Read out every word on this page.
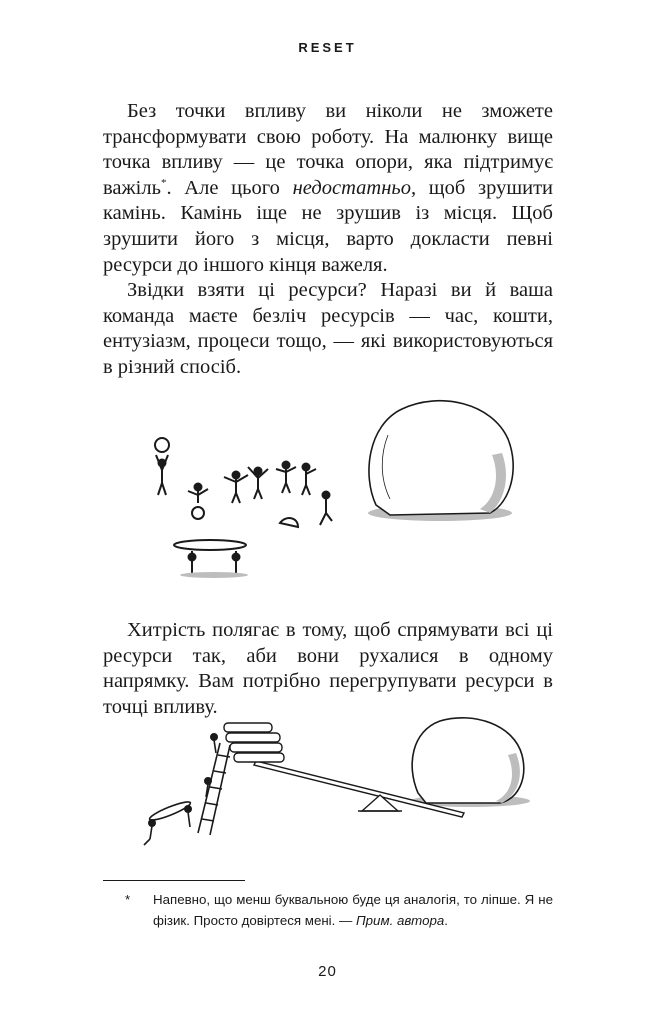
RESET

Без точки впливу ви ніколи не зможете трансформувати свою роботу. На малюнку вище точка впливу — це точка опори, яка підтримує важіль*. Але цього недостатньо, щоб зрушити камінь. Камінь іще не зрушив із місця. Щоб зрушити його з місця, варто докласти певні ресурси до іншого кінця важеля.

Звідки взяти ці ресурси? Наразі ви й ваша команда маєте безліч ресурсів — час, кошти, ентузіазм, процеси тощо, — які використовуються в різний спосіб.

Хитрість полягає в тому, щоб спрямувати всі ці ресурси так, аби вони рухалися в одному напрямку. Вам потрібно перегрупувати ресурси в точці впливу.

* Напевно, що менш буквальною буде ця аналогія, то ліпше. Я не фізик. Просто довіртеся мені. — Прим. автора.
20
